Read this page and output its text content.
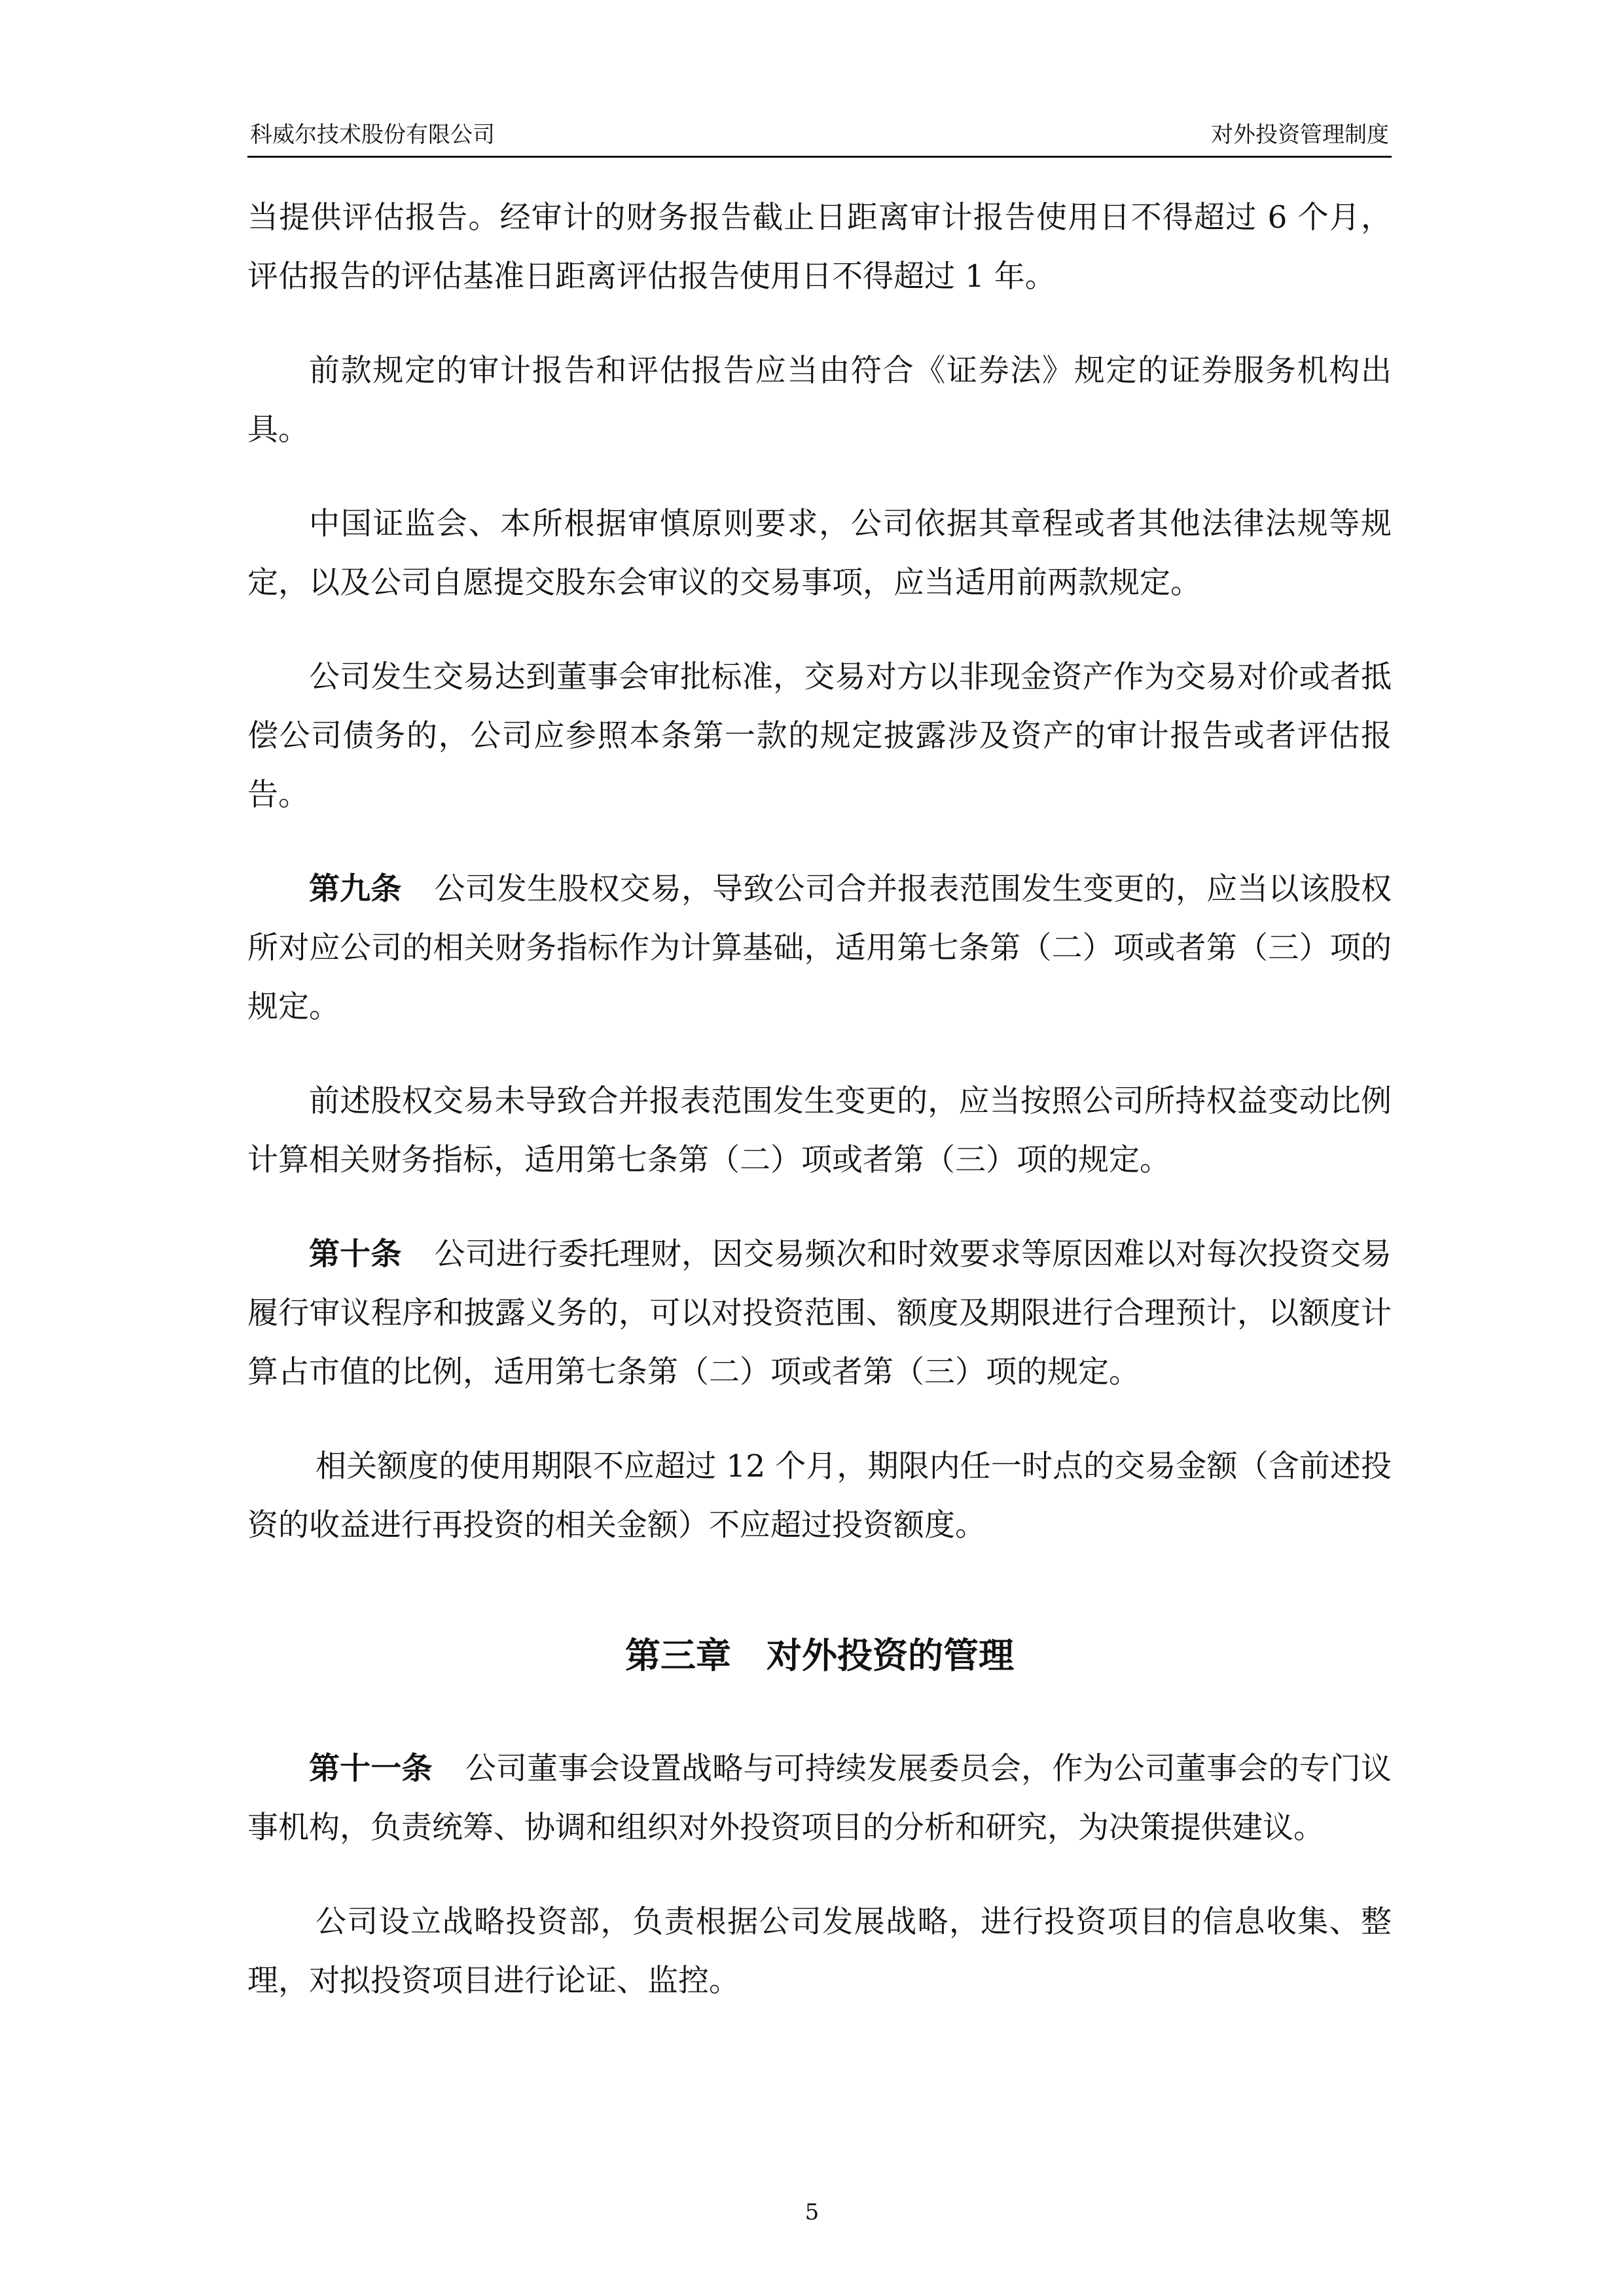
科威尔技术股份有限公司	对外投资管理制度

当提供评估报告。经审计的财务报告截止日距离审计报告使用日不得超过 6 个月，评估报告的评估基准日距离评估报告使用日不得超过 1 年。

前款规定的审计报告和评估报告应当由符合《证券法》规定的证券服务机构出具。

中国证监会、本所根据审慎原则要求，公司依据其章程或者其他法律法规等规定，以及公司自愿提交股东会审议的交易事项，应当适用前两款规定。

公司发生交易达到董事会审批标准，交易对方以非现金资产作为交易对价或者抵偿公司债务的，公司应参照本条第一款的规定披露涉及资产的审计报告或者评估报告。

第九条 公司发生股权交易，导致公司合并报表范围发生变更的，应当以该股权所对应公司的相关财务指标作为计算基础，适用第七条第（二）项或者第（三）项的规定。

前述股权交易未导致合并报表范围发生变更的，应当按照公司所持权益变动比例计算相关财务指标，适用第七条第（二）项或者第（三）项的规定。

第十条 公司进行委托理财，因交易频次和时效要求等原因难以对每次投资交易履行审议程序和披露义务的，可以对投资范围、额度及期限进行合理预计，以额度计算占市值的比例，适用第七条第（二）项或者第（三）项的规定。

相关额度的使用期限不应超过 12 个月，期限内任一时点的交易金额（含前述投资的收益进行再投资的相关金额）不应超过投资额度。

第三章 对外投资的管理

第十一条 公司董事会设置战略与可持续发展委员会，作为公司董事会的专门议事机构，负责统筹、协调和组织对外投资项目的分析和研究，为决策提供建议。

公司设立战略投资部，负责根据公司发展战略，进行投资项目的信息收集、整理，对拟投资项目进行论证、监控。

5
